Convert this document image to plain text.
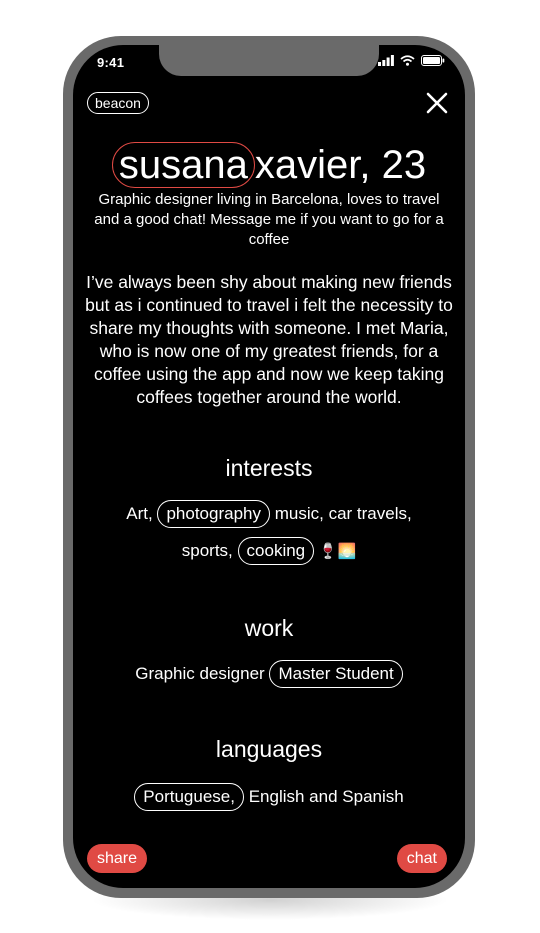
9:41
beacon
susana xavier, 23
Graphic designer living in Barcelona, loves to travel and a good chat! Message me if you want to go for a coffee
I’ve always been shy about making new friends but as i continued to travel i felt the necessity to share my thoughts with someone. I met Maria, who is now one of my greatest friends, for a coffee using the app and now we keep taking coffees together around the world.
interests
Art, photography music, car travels,
sports, cooking 🍷🌅
work
Graphic designer Master Student
languages
Portuguese, English and Spanish
share	chat
